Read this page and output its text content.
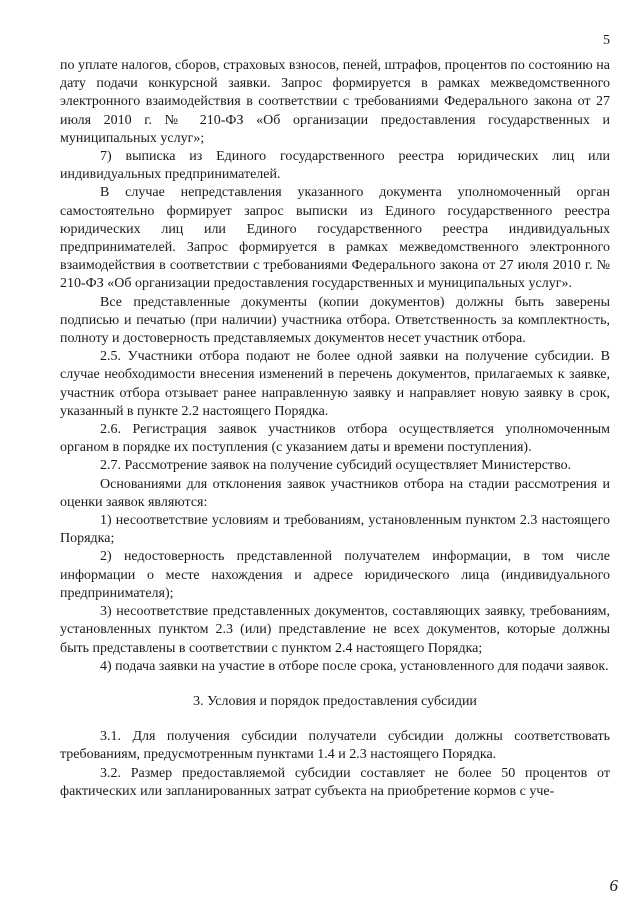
5

по уплате налогов, сборов, страховых взносов, пеней, штрафов, процентов по состоянию на дату подачи конкурсной заявки. Запрос формируется в рамках межведомственного электронного взаимодействия в соответствии с требованиями Федерального закона от 27 июля 2010 г. № 210-ФЗ «Об организации предоставления государственных и муниципальных услуг»;

7) выписка из Единого государственного реестра юридических лиц или индивидуальных предпринимателей.

В случае непредставления указанного документа уполномоченный орган самостоятельно формирует запрос выписки из Единого государственного реестра юридических лиц или Единого государственного реестра индивидуальных предпринимателей. Запрос формируется в рамках межведомственного электронного взаимодействия в соответствии с требованиями Федерального закона от 27 июля 2010 г. № 210-ФЗ «Об организации предоставления государственных и муниципальных услуг».

Все представленные документы (копии документов) должны быть заверены подписью и печатью (при наличии) участника отбора. Ответственность за комплектность, полноту и достоверность представляемых документов несет участник отбора.

2.5. Участники отбора подают не более одной заявки на получение субсидии. В случае необходимости внесения изменений в перечень документов, прилагаемых к заявке, участник отбора отзывает ранее направленную заявку и направляет новую заявку в срок, указанный в пункте 2.2 настоящего Порядка.

2.6. Регистрация заявок участников отбора осуществляется уполномоченным органом в порядке их поступления (с указанием даты и времени поступления).

2.7. Рассмотрение заявок на получение субсидий осуществляет Министерство.

Основаниями для отклонения заявок участников отбора на стадии рассмотрения и оценки заявок являются:

1) несоответствие условиям и требованиям, установленным пунктом 2.3 настоящего Порядка;

2) недостоверность представленной получателем информации, в том числе информации о месте нахождения и адресе юридического лица (индивидуального предпринимателя);

3) несоответствие представленных документов, составляющих заявку, требованиям, установленных пунктом 2.3 (или) представление не всех документов, которые должны быть представлены в соответствии с пунктом 2.4 настоящего Порядка;

4) подача заявки на участие в отборе после срока, установленного для подачи заявок.

3. Условия и порядок предоставления субсидии

3.1. Для получения субсидии получатели субсидии должны соответствовать требованиям, предусмотренным пунктами 1.4 и 2.3 настоящего Порядка.

3.2. Размер предоставляемой субсидии составляет не более 50 процентов от фактических или запланированных затрат субъекта на приобретение кормов с уче-

6
